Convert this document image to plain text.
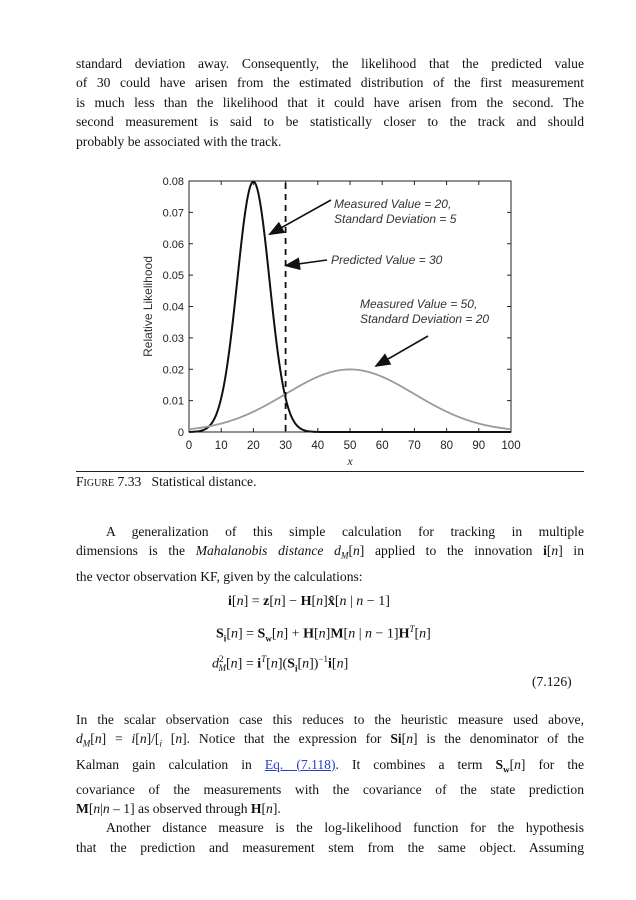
standard deviation away. Consequently, the likelihood that the predicted value
of 30 could have arisen from the estimated distribution of the first measurement
is much less than the likelihood that it could have arisen from the second. The
second measurement is said to be statistically closer to the track and should
probably be associated with the track.
0 10 20 30 40 50 60 70 80 90 100
0
0.01
0.02
0.03
0.04
0.05
0.06
0.07
0.08
x
Relative Likelihood
Measured Value = 20,
Standard Deviation = 5
Predicted Value = 30
Measured Value = 50,
Standard Deviation = 20
Figure 7.33 Statistical distance.
A generalization of this simple calculation for tracking in multiple
dimensions is the Mahalanobis distance $d_M[n]$ applied to the innovation i[n] in
the vector observation KF, given by the calculations:
i[n] = z[n] − H[n]x̂[n | n − 1]
$S_i[n] = S_w[n] + H[n]M[n$ | $n - 1]H^T[n]$
$d^2_M[n] = i^T[n](S_i[n])^{-1}i[n]$
(7.126)
In the scalar observation case this reduces to the heuristic measure used above,
$d_M[n] = i[n]/[_i$ [n]. Notice that the expression for Si[n] is the denominator of the
Kalman gain calculation in Eq. (7.118). It combines a term $S_w[n]$ for the
covariance of the measurements with the covariance of the state prediction
M[n|n – 1] as observed through H[n].
Another distance measure is the log-likelihood function for the hypothesis
that the prediction and measurement stem from the same object. Assuming
